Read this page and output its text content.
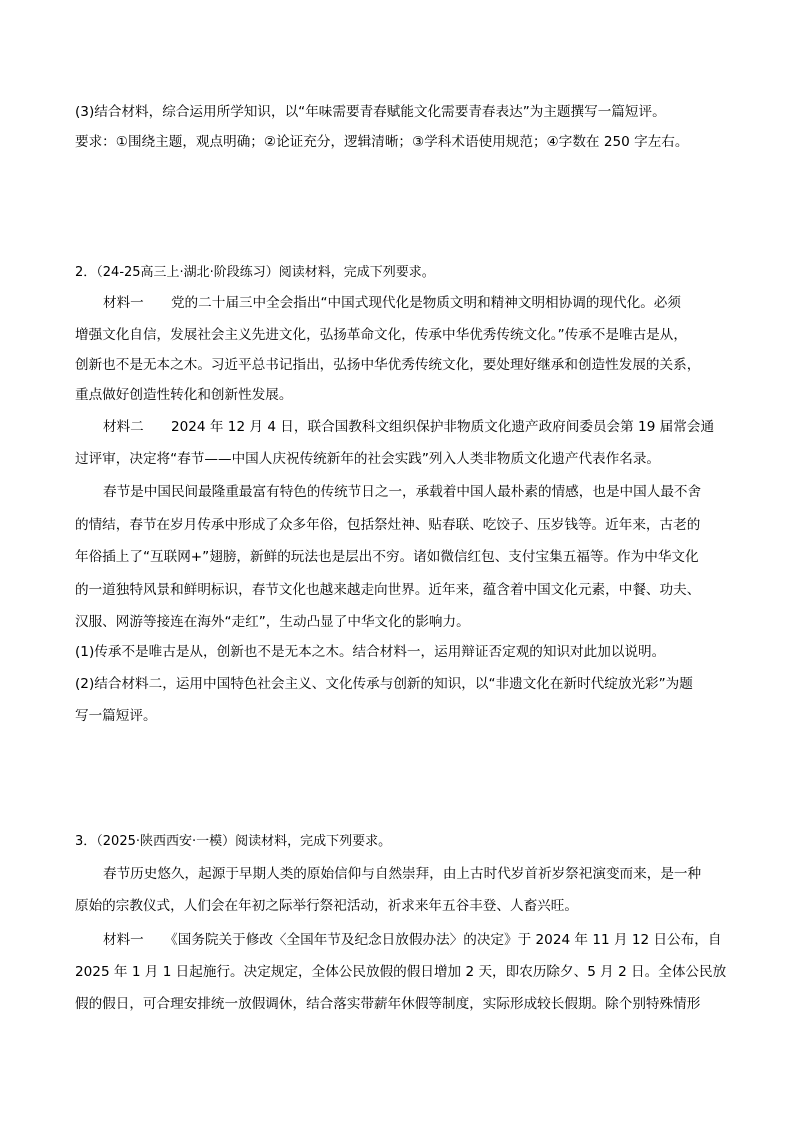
(3)结合材料，综合运用所学知识，以“年味需要青春赋能文化需要青春表达”为主题撰写一篇短评。
要求：①围绕主题，观点明确；②论证充分，逻辑清晰；③学科术语使用规范；④字数在 250 字左右。
2．（24-25高三上·湖北·阶段练习）阅读材料，完成下列要求。
材料一　　党的二十届三中全会指出“中国式现代化是物质文明和精神文明相协调的现代化。必须
增强文化自信，发展社会主义先进文化，弘扬革命文化，传承中华优秀传统文化。”传承不是唯古是从，
创新也不是无本之木。习近平总书记指出，弘扬中华优秀传统文化，要处理好继承和创造性发展的关系，
重点做好创造性转化和创新性发展。
材料二　　2024 年 12 月 4 日，联合国教科文组织保护非物质文化遗产政府间委员会第 19 届常会通
过评审，决定将“春节——中国人庆祝传统新年的社会实践”列入人类非物质文化遗产代表作名录。
春节是中国民间最隆重最富有特色的传统节日之一，承载着中国人最朴素的情感，也是中国人最不舍
的情结，春节在岁月传承中形成了众多年俗，包括祭灶神、贴春联、吃饺子、压岁钱等。近年来，古老的
年俗插上了“互联网+”翅膀，新鲜的玩法也是层出不穷。诸如微信红包、支付宝集五福等。作为中华文化
的一道独特风景和鲜明标识，春节文化也越来越走向世界。近年来，蕴含着中国文化元素，中餐、功夫、
汉服、网游等接连在海外“走红”，生动凸显了中华文化的影响力。
(1)传承不是唯古是从，创新也不是无本之木。结合材料一，运用辩证否定观的知识对此加以说明。
(2)结合材料二，运用中国特色社会主义、文化传承与创新的知识，以“非遗文化在新时代绽放光彩”为题
写一篇短评。
3．（2025·陕西西安·一模）阅读材料，完成下列要求。
春节历史悠久，起源于早期人类的原始信仰与自然崇拜，由上古时代岁首祈岁祭祀演变而来，是一种
原始的宗教仪式，人们会在年初之际举行祭祀活动，祈求来年五谷丰登、人畜兴旺。
材料一　　《国务院关于修改〈全国年节及纪念日放假办法〉的决定》于 2024 年 11 月 12 日公布，自
2025 年 1 月 1 日起施行。决定规定，全体公民放假的假日增加 2 天，即农历除夕、5 月 2 日。全体公民放
假的假日，可合理安排统一放假调休，结合落实带薪年休假等制度，实际形成较长假期。除个别特殊情形
